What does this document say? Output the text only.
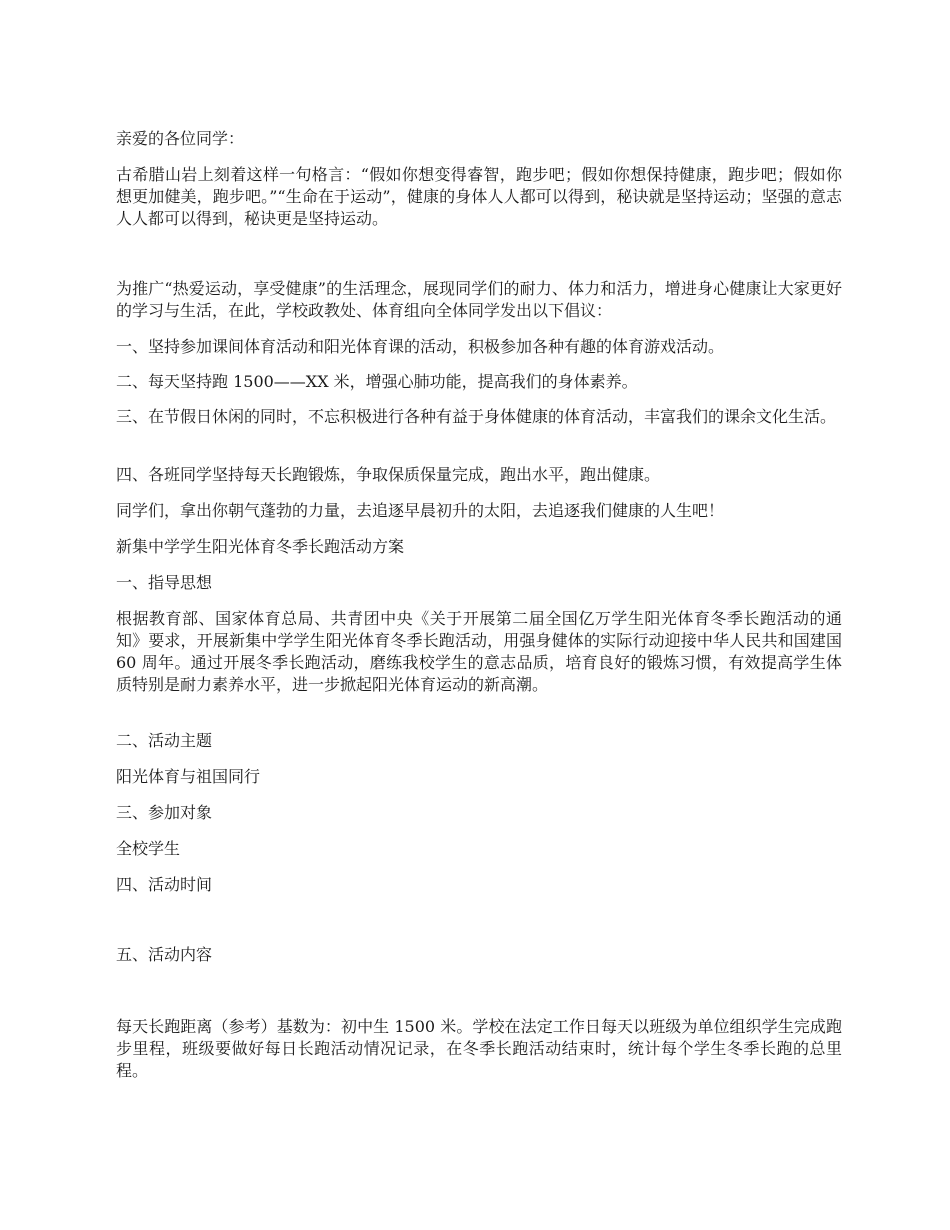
亲爱的各位同学：

古希腊山岩上刻着这样一句格言：“假如你想变得睿智，跑步吧；假如你想保持健康，跑步吧；假如你想更加健美，跑步吧。”“生命在于运动”，健康的身体人人都可以得到，秘诀就是坚持运动；坚强的意志人人都可以得到，秘诀更是坚持运动。

为推广“热爱运动，享受健康”的生活理念，展现同学们的耐力、体力和活力，增进身心健康让大家更好的学习与生活，在此，学校政教处、体育组向全体同学发出以下倡议：

一、坚持参加课间体育活动和阳光体育课的活动，积极参加各种有趣的体育游戏活动。

二、每天坚持跑 1500——XX 米，增强心肺功能，提高我们的身体素养。

三、在节假日休闲的同时，不忘积极进行各种有益于身体健康的体育活动，丰富我们的课余文化生活。

四、各班同学坚持每天长跑锻炼，争取保质保量完成，跑出水平，跑出健康。

同学们，拿出你朝气蓬勃的力量，去追逐早晨初升的太阳，去追逐我们健康的人生吧！

新集中学学生阳光体育冬季长跑活动方案

一、指导思想

根据教育部、国家体育总局、共青团中央《关于开展第二届全国亿万学生阳光体育冬季长跑活动的通知》要求，开展新集中学学生阳光体育冬季长跑活动，用强身健体的实际行动迎接中华人民共和国建国 60 周年。通过开展冬季长跑活动，磨练我校学生的意志品质，培育良好的锻炼习惯，有效提高学生体质特别是耐力素养水平，进一步掀起阳光体育运动的新高潮。

二、活动主题

阳光体育与祖国同行

三、参加对象

全校学生

四、活动时间

五、活动内容

每天长跑距离（参考）基数为：初中生 1500 米。学校在法定工作日每天以班级为单位组织学生完成跑步里程，班级要做好每日长跑活动情况记录，在冬季长跑活动结束时，统计每个学生冬季长跑的总里程。
